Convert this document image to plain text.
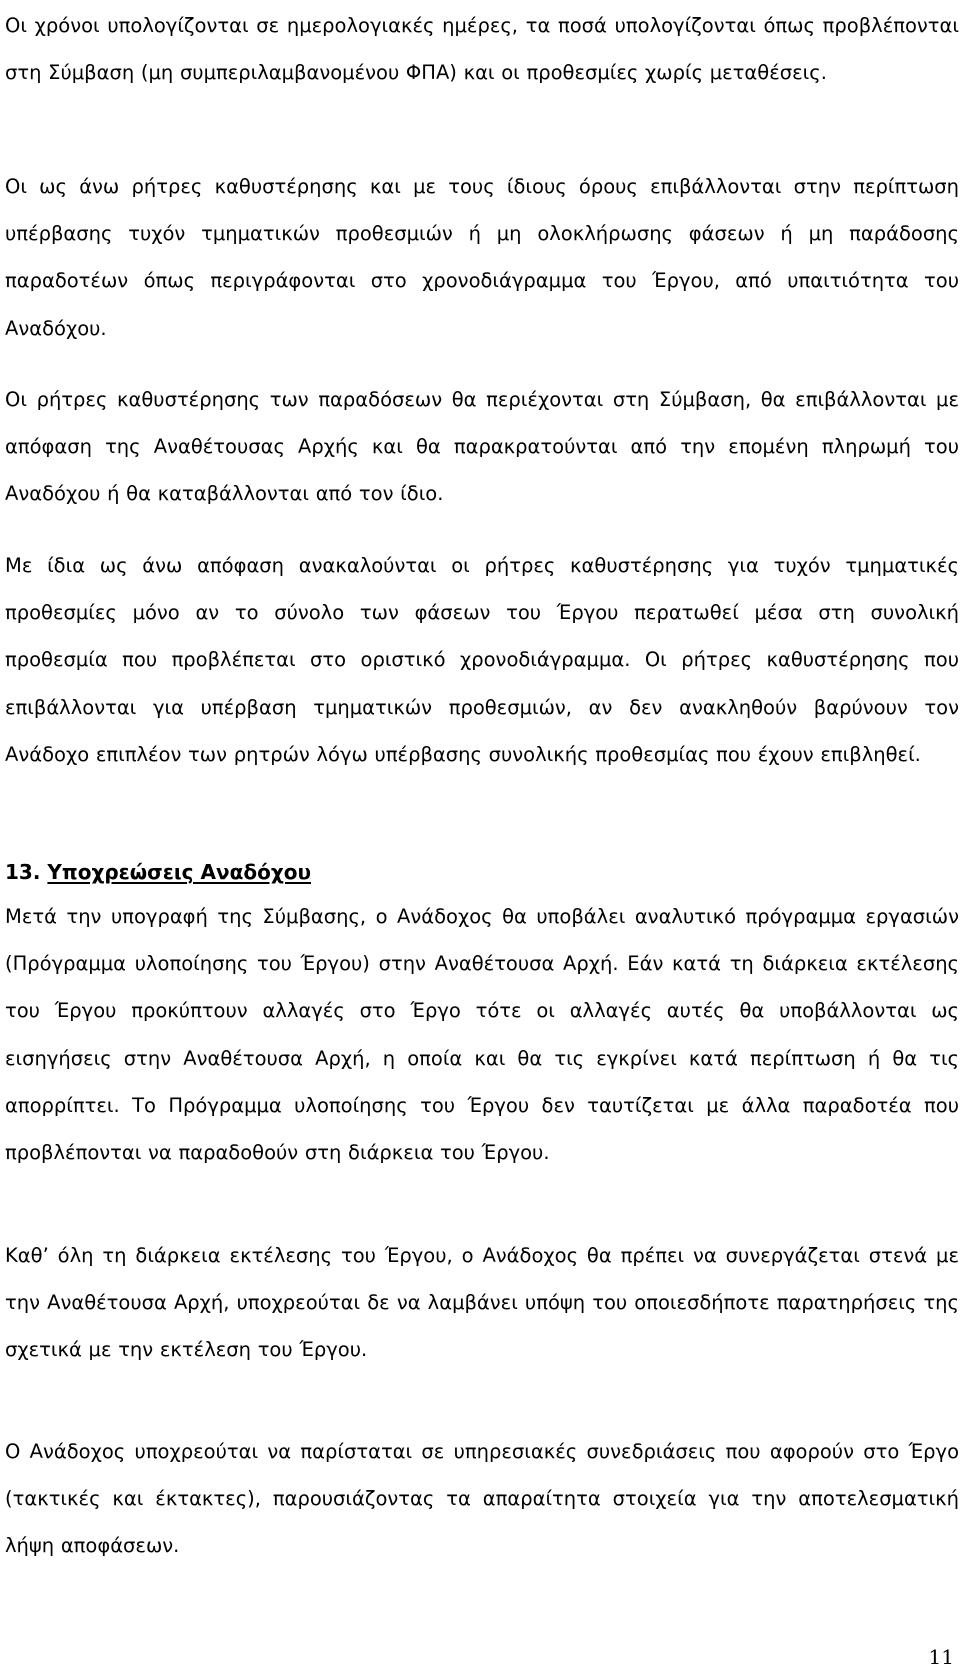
Οι χρόνοι υπολογίζονται σε ημερολογιακές ημέρες, τα ποσά υπολογίζονται όπως προβλέπονται στη Σύμβαση (μη συμπεριλαμβανομένου ΦΠΑ) και οι προθεσμίες χωρίς μεταθέσεις.

Οι ως άνω ρήτρες καθυστέρησης και με τους ίδιους όρους επιβάλλονται στην περίπτωση υπέρβασης τυχόν τμηματικών προθεσμιών ή μη ολοκλήρωσης φάσεων ή μη παράδοσης παραδοτέων όπως περιγράφονται στο χρονοδιάγραμμα του Έργου, από υπαιτιότητα του Αναδόχου.

Οι ρήτρες καθυστέρησης των παραδόσεων θα περιέχονται στη Σύμβαση, θα επιβάλλονται με απόφαση της Αναθέτουσας Αρχής και θα παρακρατούνται από την επομένη πληρωμή του Αναδόχου ή θα καταβάλλονται από τον ίδιο.

Με ίδια ως άνω απόφαση ανακαλούνται οι ρήτρες καθυστέρησης για τυχόν τμηματικές προθεσμίες μόνο αν το σύνολο των φάσεων του Έργου περατωθεί μέσα στη συνολική προθεσμία που προβλέπεται στο οριστικό χρονοδιάγραμμα. Οι ρήτρες καθυστέρησης που επιβάλλονται για υπέρβαση τμηματικών προθεσμιών, αν δεν ανακληθούν βαρύνουν τον Ανάδοχο επιπλέον των ρητρών λόγω υπέρβασης συνολικής προθεσμίας που έχουν επιβληθεί.

13. Υποχρεώσεις Αναδόχου

Μετά την υπογραφή της Σύμβασης, ο Ανάδοχος θα υποβάλει αναλυτικό πρόγραμμα εργασιών (Πρόγραμμα υλοποίησης του Έργου) στην Αναθέτουσα Αρχή. Εάν κατά τη διάρκεια εκτέλεσης του Έργου προκύπτουν αλλαγές στο Έργο τότε οι αλλαγές αυτές θα υποβάλλονται ως εισηγήσεις στην Αναθέτουσα Αρχή, η οποία και θα τις εγκρίνει κατά περίπτωση ή θα τις απορρίπτει. Το Πρόγραμμα υλοποίησης του Έργου δεν ταυτίζεται με άλλα παραδοτέα που προβλέπονται να παραδοθούν στη διάρκεια του Έργου.

Καθ’ όλη τη διάρκεια εκτέλεσης του Έργου, ο Ανάδοχος θα πρέπει να συνεργάζεται στενά με την Αναθέτουσα Αρχή, υποχρεούται δε να λαμβάνει υπόψη του οποιεσδήποτε παρατηρήσεις της σχετικά με την εκτέλεση του Έργου.

Ο Ανάδοχος υποχρεούται να παρίσταται σε υπηρεσιακές συνεδριάσεις που αφορούν στο Έργο (τακτικές και έκτακτες), παρουσιάζοντας τα απαραίτητα στοιχεία για την αποτελεσματική λήψη αποφάσεων.

11
